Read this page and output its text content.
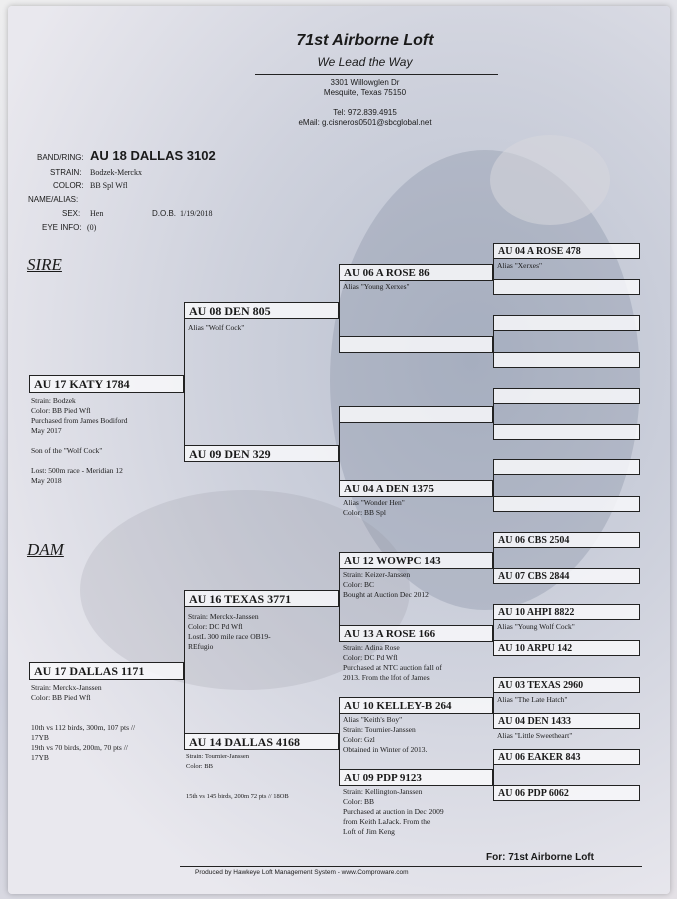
71st Airborne Loft
We Lead the Way
3301 Willowglen Dr
Mesquite, Texas 75150
Tel: 972.839.4915
eMail: g.cisneros0501@sbcglobal.net
BAND/RING: AU 18 DALLAS 3102
STRAIN: Bodzek-Merckx
COLOR: BB Spl Wfl
NAME/ALIAS:
SEX: Hen	D.O.B. 1/19/2018
EYE INFO: (0)
SIRE
DAM
AU 17 KATY 1784
Strain: Bodzek
Color: BB Pied Wfl
Purchased from James Bodiford
May 2017

Son of the "Wolf Cock"

Lost: 500m race - Meridian 12
May 2018
AU 17 DALLAS 1171
Strain: Merckx-Janssen
Color: BB Pied Wfl

10th vs 112 birds, 300m, 107 pts //
17YB
19th vs 70 birds, 200m, 70 pts //
17YB
AU 08 DEN 805
Alias "Wolf Cock"
AU 09 DEN 329
AU 16 TEXAS 3771
Strain: Merckx-Janssen
Color: DC Pd Wfl
LostL 300 mile race OB19-
REfugio
AU 14 DALLAS 4168
Strain: Tournier-Janssen
Color: BB

15th vs 145 birds, 200m 72 pts // 18OB
AU 06 A ROSE 86
Alias "Young Xerxes"
AU 04 A DEN 1375
Alias "Wonder Hen"
Color: BB Spl
AU 12 WOWPC 143
Strain: Keizer-Janssen
Color: BC
Bought at Auction Dec 2012
AU 13 A ROSE 166
Strain: Adina Rose
Color: DC Pd Wfl
Purchased at NTC auction fall of
2013. From the lfot of James
AU 10 KELLEY-B 264
Alias "Keith's Boy"
Strain: Tournier-Janssen
Color: Gzl
Obtained in Winter of 2013.
AU 09 PDP 9123
Strain: Kellington-Janssen
Color: BB
Purchased at auction in Dec 2009
from Keith LaJack. From the
Loft of Jim Keng
AU 04 A ROSE 478
Alias "Xerxes"
AU 06 CBS 2504
AU 07 CBS 2844
AU 10 AHPI 8822
Alias "Young Wolf Cock"
AU 10 ARPU 142
AU 03 TEXAS 2960
Alias "The Late Hatch"
AU 04 DEN 1433
Alias "Little Sweetheart"
AU 06 EAKER 843
AU 06 PDP 6062
For: 71st Airborne Loft
Produced by Hawkeye Loft Management System - www.Comproware.com
